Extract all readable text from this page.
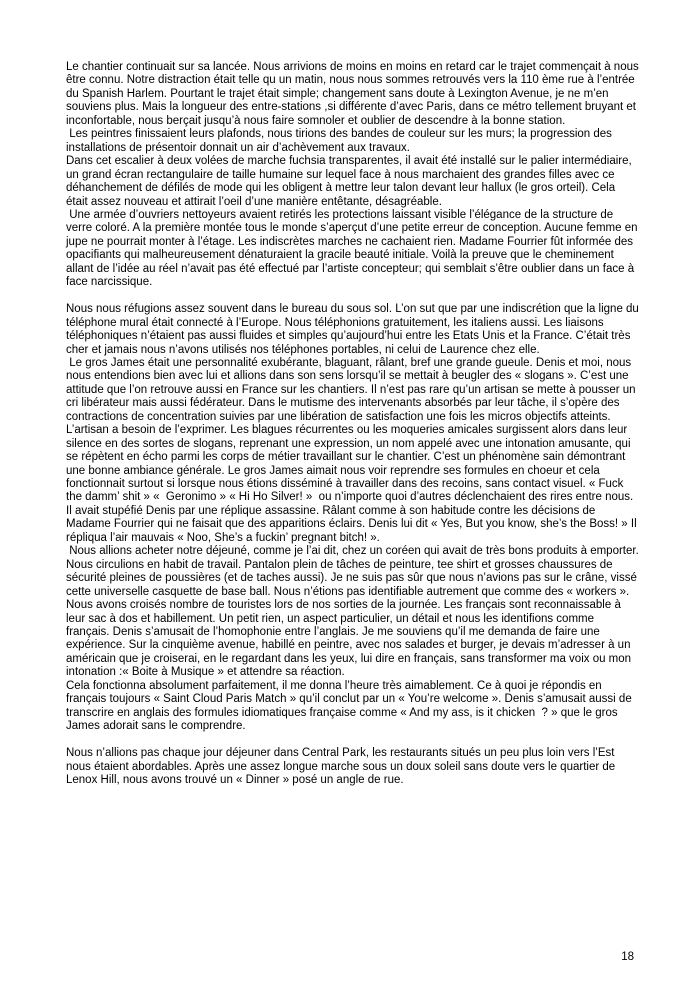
Le chantier continuait sur sa lancée. Nous arrivions de moins en moins en retard car le trajet commençait à nous être connu. Notre distraction était telle qu un matin, nous nous sommes retrouvés vers la 110 ème rue à l’entrée du Spanish Harlem. Pourtant le trajet était simple; changement sans doute à Lexington Avenue, je ne m’en souviens plus. Mais la longueur des entre-stations ,si différente d’avec Paris, dans ce métro tellement bruyant et inconfortable, nous berçait jusqu’à nous faire somnoler et oublier de descendre à la bonne station.

Les peintres finissaient leurs plafonds, nous tirions des bandes de couleur sur les murs; la progression des installations de présentoir donnait un air d’achèvement aux travaux.

Dans cet escalier à deux volées de marche fuchsia transparentes, il avait été installé sur le palier intermédiaire, un grand écran rectangulaire de taille humaine sur lequel face à nous marchaient des grandes filles avec ce déhanchement de défilés de mode qui les obligent à mettre leur talon devant leur hallux (le gros orteil). Cela était assez nouveau et attirait l’oeil d’une manière entêtante, désagréable.

Une armée d’ouvriers nettoyeurs avaient retirés les protections laissant visible l’élégance de la structure de verre coloré. A la première montée tous le monde s’aperçut d’une petite erreur de conception. Aucune femme en jupe ne pourrait monter à l’étage. Les indiscrètes marches ne cachaient rien. Madame Fourrier fût informée des opacifiants qui malheureusement dénaturaient la gracile beauté initiale. Voilà la preuve que le cheminement allant de l’idée au réel n’avait pas été effectué par l’artiste concepteur; qui semblait s’être oublier dans un face à face narcissique.

Nous nous réfugions assez souvent dans le bureau du sous sol. L’on sut que par une indiscrétion que la ligne du téléphone mural était connecté à l’Europe. Nous téléphonions gratuitement, les italiens aussi. Les liaisons téléphoniques n’étaient pas aussi fluides et simples qu’aujourd’hui entre les Etats Unis et la France. C’était très cher et jamais nous n’avons utilisés nos téléphones portables, ni celui de Laurence chez elle.

Le gros James était une personnalité exubérante, blaguant, râlant, bref une grande gueule. Denis et moi, nous nous entendions bien avec lui et allions dans son sens lorsqu’il se mettait à beugler des « slogans ». C’est une attitude que l’on retrouve aussi en France sur les chantiers. Il n’est pas rare qu’un artisan se mette à pousser un cri libérateur mais aussi fédérateur. Dans le mutisme des intervenants absorbés par leur tâche, il s’opère des contractions de concentration suivies par une libération de satisfaction une fois les micros objectifs atteints. L’artisan a besoin de l’exprimer. Les blagues récurrentes ou les moqueries amicales surgissent alors dans leur silence en des sortes de slogans, reprenant une expression, un nom appelé avec une intonation amusante, qui se répètent en écho parmi les corps de métier travaillant sur le chantier. C’est un phénomène sain démontrant une bonne ambiance générale. Le gros James aimait nous voir reprendre ses formules en choeur et cela fonctionnait surtout si lorsque nous étions disséminé à travailler dans des recoins, sans contact visuel. « Fuck the damm’ shit » «  Geronimo » « Hi Ho Silver! »  ou n’importe quoi d’autres déclenchaient des rires entre nous. Il avait stupéfié Denis par une réplique assassine. Râlant comme à son habitude contre les décisions de Madame Fourrier qui ne faisait que des apparitions éclairs. Denis lui dit « Yes, But you know, she’s the Boss! » Il répliqua l’air mauvais « Noo, She’s a fuckin’ pregnant bitch! ».

Nous allions acheter notre déjeuné, comme je l’ai dit, chez un coréen qui avait de très bons produits à emporter. Nous circulions en habit de travail. Pantalon plein de tâches de peinture, tee shirt et grosses chaussures de sécurité pleines de poussières (et de taches aussi). Je ne suis pas sûr que nous n’avions pas sur le crâne, vissé cette universelle casquette de base ball. Nous n’étions pas identifiable autrement que comme des « workers ». Nous avons croisés nombre de touristes lors de nos sorties de la journée. Les français sont reconnaissable à leur sac à dos et habillement. Un petit rien, un aspect particulier, un détail et nous les identifions comme français. Denis s’amusait de l’homophonie entre l’anglais. Je me souviens qu’il me demanda de faire une expérience. Sur la cinquième avenue, habillé en peintre, avec nos salades et burger, je devais m’adresser à un américain que je croiserai, en le regardant dans les yeux, lui dire en français, sans transformer ma voix ou mon intonation :« Boite à Musique » et attendre sa réaction.

Cela fonctionna absolument parfaitement, il me donna l’heure très aimablement. Ce à quoi je répondis en français toujours « Saint Cloud Paris Match » qu’il conclut par un « You’re welcome ». Denis s’amusait aussi de transcrire en anglais des formules idiomatiques française comme « And my ass, is it chicken  ? » que le gros James adorait sans le comprendre.

Nous n’allions pas chaque jour déjeuner dans Central Park, les restaurants situés un peu plus loin vers l’Est nous étaient abordables. Après une assez longue marche sous un doux soleil sans doute vers le quartier de Lenox Hill, nous avons trouvé un « Dinner » posé un angle de rue.

18
